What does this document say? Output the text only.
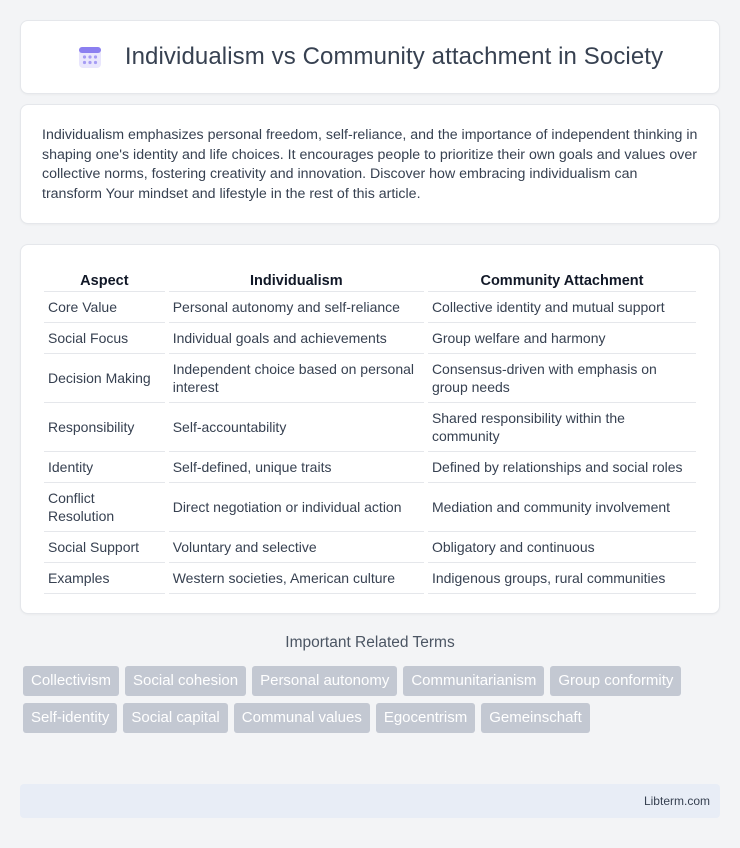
Individualism vs Community attachment in Society

Individualism emphasizes personal freedom, self-reliance, and the importance of independent thinking in shaping one's identity and life choices. It encourages people to prioritize their own goals and values over collective norms, fostering creativity and innovation. Discover how embracing individualism can transform Your mindset and lifestyle in the rest of this article.

Aspect	Individualism	Community Attachment
Core Value	Personal autonomy and self-reliance	Collective identity and mutual support
Social Focus	Individual goals and achievements	Group welfare and harmony
Decision Making	Independent choice based on personal interest	Consensus-driven with emphasis on group needs
Responsibility	Self-accountability	Shared responsibility within the community
Identity	Self-defined, unique traits	Defined by relationships and social roles
Conflict Resolution	Direct negotiation or individual action	Mediation and community involvement
Social Support	Voluntary and selective	Obligatory and continuous
Examples	Western societies, American culture	Indigenous groups, rural communities
Important Related Terms
Collectivism	Social cohesion	Personal autonomy	Communitarianism	Group conformity
Self-identity	Social capital	Communal values	Egocentrism	Gemeinschaft
Libterm.com
